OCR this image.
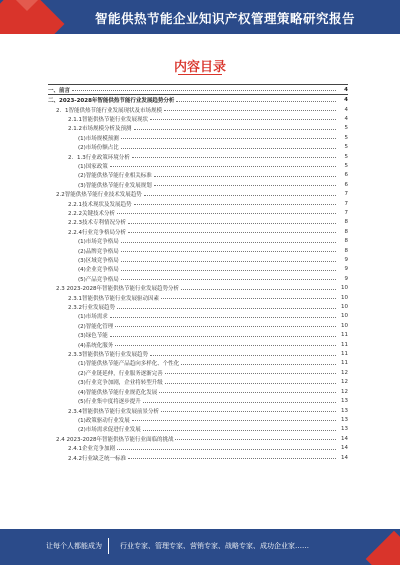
智能供热节能企业知识产权管理策略研究报告
内容目录
一、前言	4
二、2023-2028年智能供热节能行业发展趋势分析	4
2．1智能供热节能行业发展现状及市场规模	4
2.1.1智能供热节能行业发展现状	4
2.1.2市场规模分析及预测	5
(1)市场规模预测	5
(2)市场份额占比	5
2．1.3行业政策环境分析	5
(1)国家政策	5
(2)智能供热节能行业相关标准	6
(3)智能供热节能行业发展规划	6
2.2智能供热节能行业技术发展趋势	7
2.2.1技术现状及发展趋势	7
2.2.2关键技术分析	7
2.2.3技术专利情况分析	8
2.2.4行业竞争格局分析	8
(1)市场竞争格局	8
(2)品牌竞争格局	8
(3)区域竞争格局	9
(4)企业竞争格局	9
(5)产品竞争格局	9
2.3 2023-2028年智能供热节能行业发展趋势分析	10
2.3.1智能供热节能行业发展驱动因素	10
2.3.2行业发展趋势	10
(1)市场需求	10
(2)智能化管理	10
(3)绿色节能	11
(4)系统化服务	11
2.3.3智能供热节能行业发展趋势	11
(1)智能供热节能产品趋向多样化、个性化	11
(2)产业链延伸，行业服务逐渐完善	12
(3)行业竞争加剧，企业将转型升级	12
(4)智能供热节能行业规范化发展	12
(5)行业集中度将逐步提升	13
2.3.4智能供热节能行业发展前景分析	13
(1)政策驱动行业发展	13
(2)市场需求促进行业发展	13
2.4 2023-2028年智能供热节能行业面临的挑战	14
2.4.1企业竞争加剧	14
2.4.2行业缺乏统一标准	14
让每个人都能成为	行业专家、管理专家、营销专家、战略专家、成功企业家……
